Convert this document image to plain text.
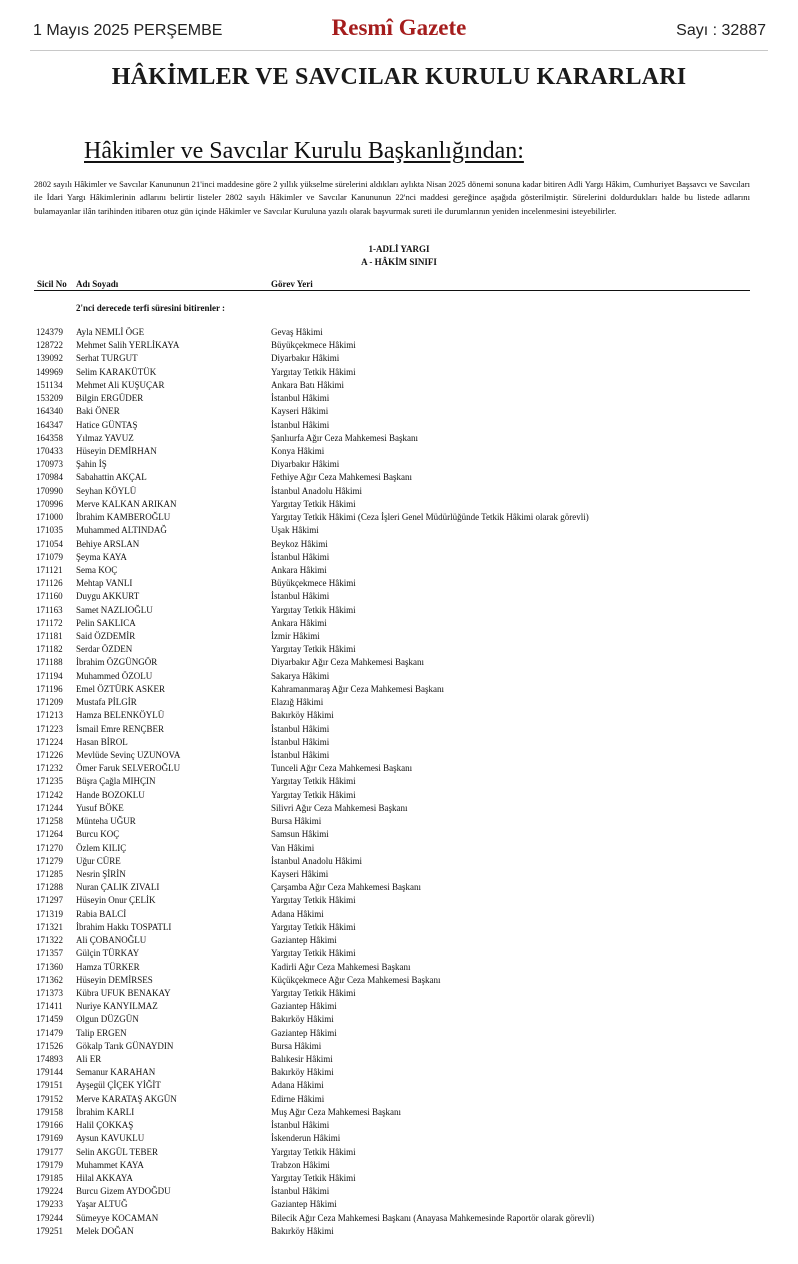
1 Mayıs 2025 PERŞEMBE	Resmî Gazete	Sayı : 32887
HÂKİMLER VE SAVCILAR KURULU KARARLARI
Hâkimler ve Savcılar Kurulu Başkanlığından:
2802 sayılı Hâkimler ve Savcılar Kanununun 21'inci maddesine göre 2 yıllık yükselme sürelerini aldıkları aylıkta Nisan 2025 dönemi sonuna kadar bitiren Adli Yargı Hâkim, Cumhuriyet Başsavcı ve Savcıları ile İdari Yargı Hâkimlerinin adlarını belirtir listeler 2802 sayılı Hâkimler ve Savcılar Kanununun 22'nci maddesi gereğince aşağıda gösterilmiştir. Sürelerini doldurdukları halde bu listede adlarını bulamayanlar ilân tarihinden itibaren otuz gün içinde Hâkimler ve Savcılar Kuruluna yazılı olarak başvurmak sureti ile durumlarının yeniden incelenmesini isteyebilirler.
1-ADLİ YARGI
A - HÂKİM SINIFI
Sicil No Adı Soyadı	Görev Yeri
2'nci derecede terfi süresini bitirenler :
124379 Ayla NEMLİ ÖGE	Gevaş Hâkimi
128722 Mehmet Salih YERLİKAYA	Büyükçekmece Hâkimi
139092 Serhat TURGUT	Diyarbakır Hâkimi
149969 Selim KARAKÜTÜK	Yargıtay Tetkik Hâkimi
151134 Mehmet Ali KUŞUÇAR	Ankara Batı Hâkimi
153209 Bilgin ERGÜDER	İstanbul Hâkimi
164340 Baki ÖNER	Kayseri Hâkimi
164347 Hatice GÜNTAŞ	İstanbul Hâkimi
164358 Yılmaz YAVUZ	Şanlıurfa Ağır Ceza Mahkemesi Başkanı
170433 Hüseyin DEMİRHAN	Konya Hâkimi
170973 Şahin İŞ	Diyarbakır Hâkimi
170984 Sabahattin AKÇAL	Fethiye Ağır Ceza Mahkemesi Başkanı
170990 Seyhan KÖYLÜ	İstanbul Anadolu Hâkimi
170996 Merve KALKAN ARIKAN	Yargıtay Tetkik Hâkimi
171000 İbrahim KAMBEROĞLU	Yargıtay Tetkik Hâkimi (Ceza İşleri Genel Müdürlüğünde Tetkik Hâkimi olarak görevli)
171035 Muhammed ALTINDAĞ	Uşak Hâkimi
171054 Behiye ARSLAN	Beykoz Hâkimi
171079 Şeyma KAYA	İstanbul Hâkimi
171121 Sema KOÇ	Ankara Hâkimi
171126 Mehtap VANLI	Büyükçekmece Hâkimi
171160 Duygu AKKURT	İstanbul Hâkimi
171163 Samet NAZLIOĞLU	Yargıtay Tetkik Hâkimi
171172 Pelin SAKLICA	Ankara Hâkimi
171181 Said ÖZDEMİR	İzmir Hâkimi
171182 Serdar ÖZDEN	Yargıtay Tetkik Hâkimi
171188 İbrahim ÖZGÜNGÖR	Diyarbakır Ağır Ceza Mahkemesi Başkanı
171194 Muhammed ÖZOLU	Sakarya Hâkimi
171196 Emel ÖZTÜRK ASKER	Kahramanmaraş Ağır Ceza Mahkemesi Başkanı
171209 Mustafa PİLGİR	Elazığ Hâkimi
171213 Hamza BELENKÖYLÜ	Bakırköy Hâkimi
171223 İsmail Emre RENÇBER	İstanbul Hâkimi
171224 Hasan BİROL	İstanbul Hâkimi
171226 Mevlüde Sevinç UZUNOVA	İstanbul Hâkimi
171232 Ömer Faruk SELVEROĞLU	Tunceli Ağır Ceza Mahkemesi Başkanı
171235 Büşra Çağla MIHÇIN	Yargıtay Tetkik Hâkimi
171242 Hande BOZOKLU	Yargıtay Tetkik Hâkimi
171244 Yusuf BÖKE	Silivri Ağır Ceza Mahkemesi Başkanı
171258 Münteha UĞUR	Bursa Hâkimi
171264 Burcu KOÇ	Samsun Hâkimi
171270 Özlem KILIÇ	Van Hâkimi
171279 Uğur CÜRE	İstanbul Anadolu Hâkimi
171285 Nesrin ŞİRİN	Kayseri Hâkimi
171288 Nuran ÇALIK ZIVALI	Çarşamba Ağır Ceza Mahkemesi Başkanı
171297 Hüseyin Onur ÇELİK	Yargıtay Tetkik Hâkimi
171319 Rabia BALCİ	Adana Hâkimi
171321 İbrahim Hakkı TOSPATLI	Yargıtay Tetkik Hâkimi
171322 Ali ÇOBANOĞLU	Gaziantep Hâkimi
171357 Gülçin TÜRKAY	Yargıtay Tetkik Hâkimi
171360 Hamza TÜRKER	Kadirli Ağır Ceza Mahkemesi Başkanı
171362 Hüseyin DEMİRSES	Küçükçekmece Ağır Ceza Mahkemesi Başkanı
171373 Kübra UFUK BENAKAY	Yargıtay Tetkik Hâkimi
171411 Nuriye KANYILMAZ	Gaziantep Hâkimi
171459 Olgun DÜZGÜN	Bakırköy Hâkimi
171479 Talip ERGEN	Gaziantep Hâkimi
171526 Gökalp Tarık GÜNAYDIN	Bursa Hâkimi
174893 Ali ER	Balıkesir Hâkimi
179144 Semanur KARAHAN	Bakırköy Hâkimi
179151 Ayşegül ÇİÇEK YİĞİT	Adana Hâkimi
179152 Merve KARATAŞ AKGÜN	Edirne Hâkimi
179158 İbrahim KARLI	Muş Ağır Ceza Mahkemesi Başkanı
179166 Halil ÇOKKAŞ	İstanbul Hâkimi
179169 Aysun KAVUKLU	İskenderun Hâkimi
179177 Selin AKGÜL TEBER	Yargıtay Tetkik Hâkimi
179179 Muhammet KAYA	Trabzon Hâkimi
179185 Hilal AKKAYA	Yargıtay Tetkik Hâkimi
179224 Burcu Gizem AYDOĞDU	İstanbul Hâkimi
179233 Yaşar ALTUĞ	Gaziantep Hâkimi
179244 Sümeyye KOCAMAN	Bilecik Ağır Ceza Mahkemesi Başkanı (Anayasa Mahkemesinde Raportör olarak görevli)
179251 Melek DOĞAN	Bakırköy Hâkimi
